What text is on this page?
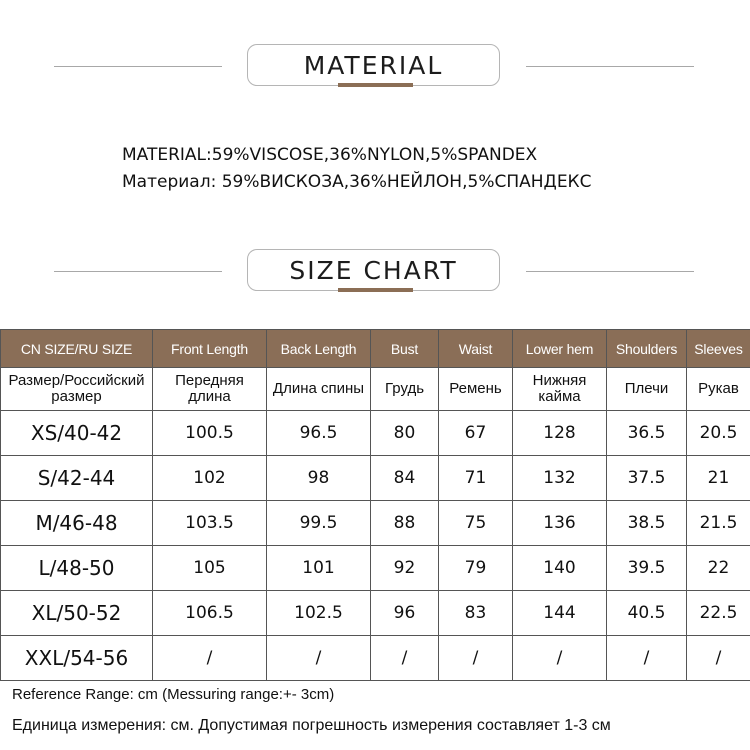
MATERIAL
MATERIAL:59%VISCOSE,36%NYLON,5%SPANDEX
Материал: 59%ВИСКОЗА,36%НЕЙЛОН,5%СПАНДЕКС
SIZE CHART
CN SIZE/RU SIZE	Front Length	Back Length	Bust	Waist	Lower hem	Shoulders	Sleeves
Размер/Российский размер	Передняя длина	Длина спины	Грудь	Ремень	Нижняя кайма	Плечи	Рукав
XS/40-42	100.5	96.5	80	67	128	36.5	20.5
S/42-44	102	98	84	71	132	37.5	21
M/46-48	103.5	99.5	88	75	136	38.5	21.5
L/48-50	105	101	92	79	140	39.5	22
XL/50-52	106.5	102.5	96	83	144	40.5	22.5
XXL/54-56	/	/	/	/	/	/	/
Reference Range: cm (Messuring range:+- 3cm)
Единица измерения: см. Допустимая погрешность измерения составляет 1-3 см
